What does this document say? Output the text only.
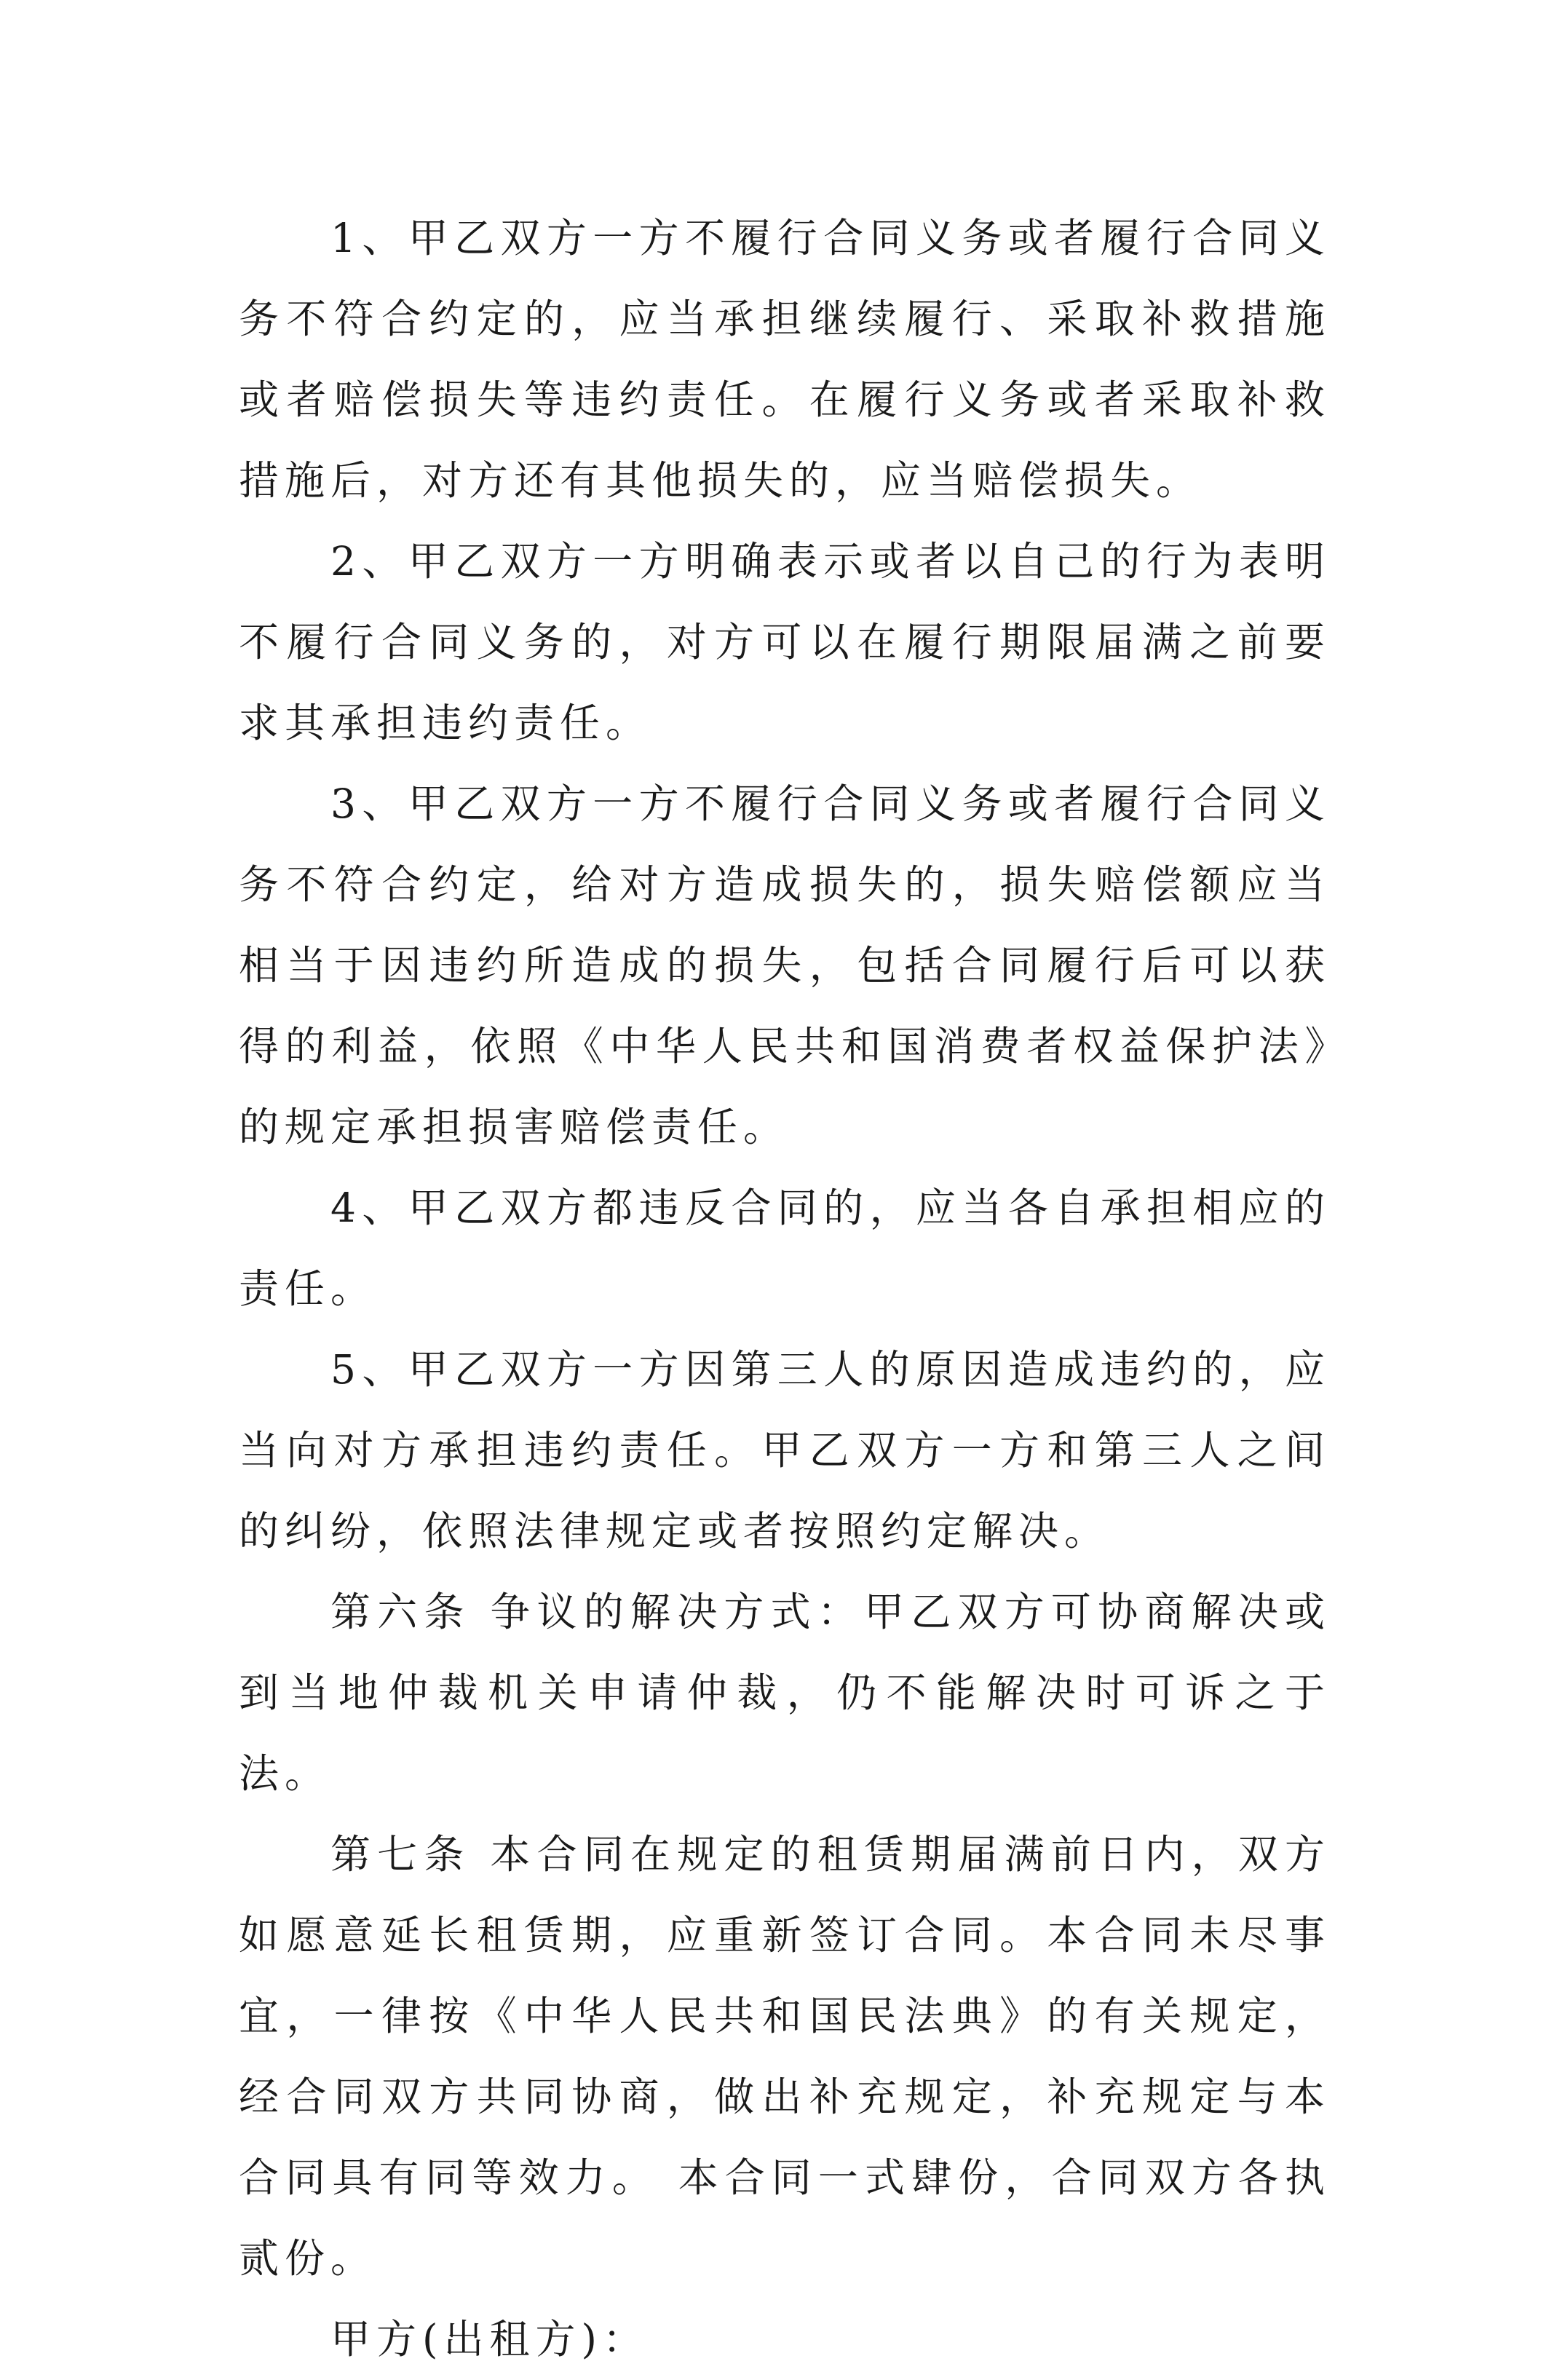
1、甲乙双方一方不履行合同义务或者履行合同义务不符合约定的，应当承担继续履行、采取补救措施或者赔偿损失等违约责任。在履行义务或者采取补救措施后，对方还有其他损失的，应当赔偿损失。

2、甲乙双方一方明确表示或者以自己的行为表明不履行合同义务的，对方可以在履行期限届满之前要求其承担违约责任。

3、甲乙双方一方不履行合同义务或者履行合同义务不符合约定，给对方造成损失的，损失赔偿额应当相当于因违约所造成的损失，包括合同履行后可以获得的利益，依照《中华人民共和国消费者权益保护法》的规定承担损害赔偿责任。

4、甲乙双方都违反合同的，应当各自承担相应的责任。

5、甲乙双方一方因第三人的原因造成违约的，应当向对方承担违约责任。甲乙双方一方和第三人之间的纠纷，依照法律规定或者按照约定解决。

第六条 争议的解决方式：甲乙双方可协商解决或到当地仲裁机关申请仲裁，仍不能解决时可诉之于法。

第七条 本合同在规定的租赁期届满前日内，双方如愿意延长租赁期，应重新签订合同。本合同未尽事宜，一律按《中华人民共和国民法典》的有关规定，经合同双方共同协商，做出补充规定，补充规定与本合同具有同等效力。 本合同一式肆份，合同双方各执贰份。

甲方(出租方)：
